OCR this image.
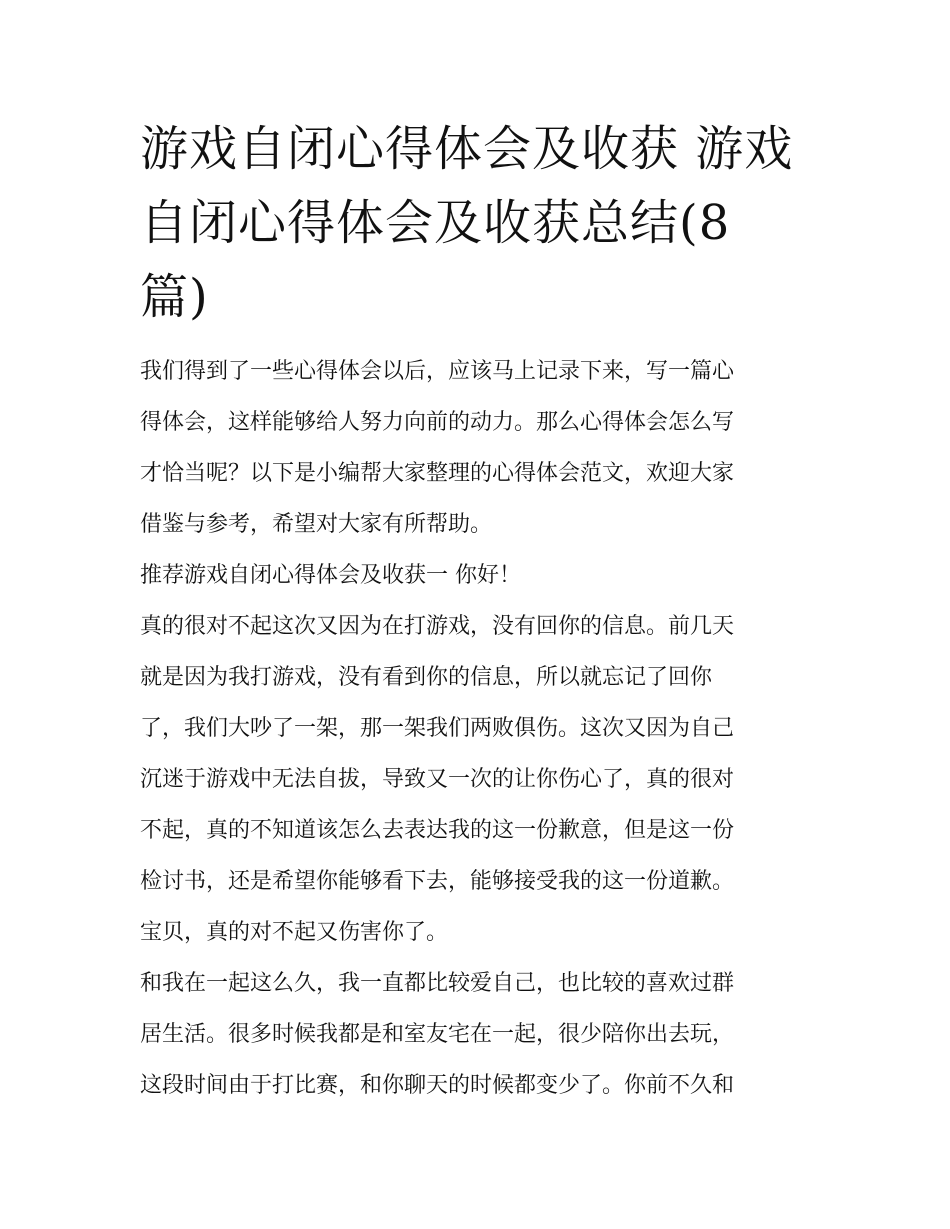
游戏自闭心得体会及收获 游戏
自闭心得体会及收获总结(8
篇)

我们得到了一些心得体会以后，应该马上记录下来，写一篇心
得体会，这样能够给人努力向前的动力。那么心得体会怎么写
才恰当呢？以下是小编帮大家整理的心得体会范文，欢迎大家
借鉴与参考，希望对大家有所帮助。

推荐游戏自闭心得体会及收获一 你好！

真的很对不起这次又因为在打游戏，没有回你的信息。前几天
就是因为我打游戏，没有看到你的信息，所以就忘记了回你
了，我们大吵了一架，那一架我们两败俱伤。这次又因为自己
沉迷于游戏中无法自拔，导致又一次的让你伤心了，真的很对
不起，真的不知道该怎么去表达我的这一份歉意，但是这一份
检讨书，还是希望你能够看下去，能够接受我的这一份道歉。
宝贝，真的对不起又伤害你了。

和我在一起这么久，我一直都比较爱自己，也比较的喜欢过群
居生活。很多时候我都是和室友宅在一起，很少陪你出去玩，
这段时间由于打比赛，和你聊天的时候都变少了。你前不久和
